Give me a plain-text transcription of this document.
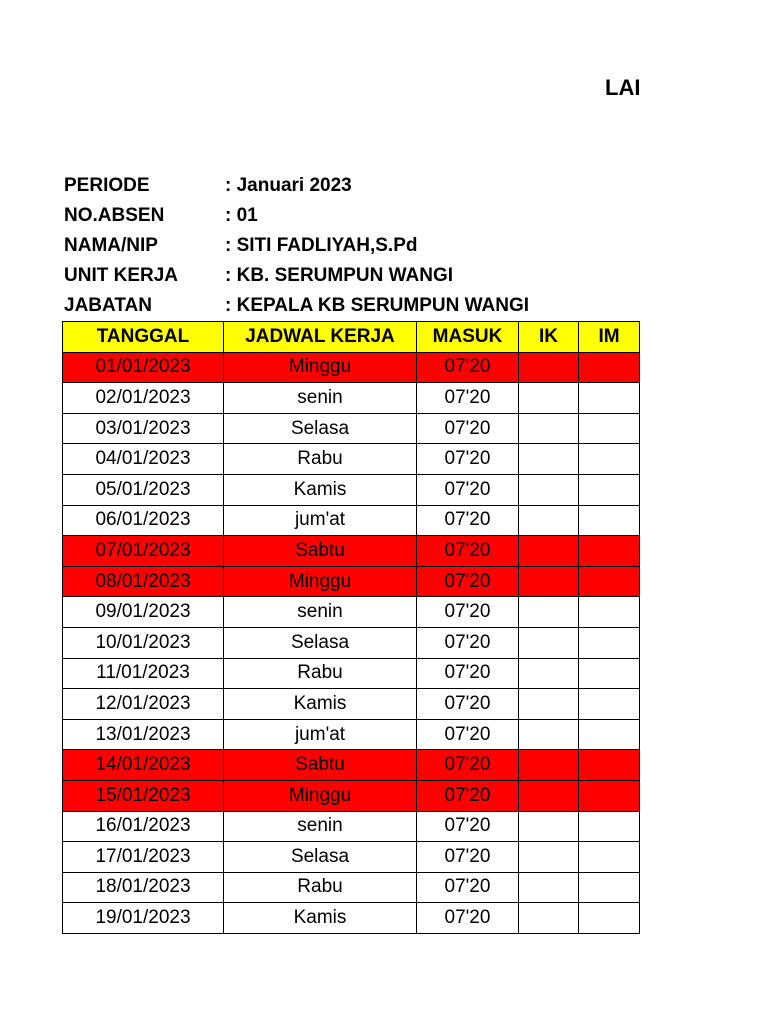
LAI
PERIODE	: Januari 2023
NO.ABSEN	: 01
NAMA/NIP	: SITI FADLIYAH,S.Pd
UNIT KERJA	: KB. SERUMPUN WANGI
JABATAN	: KEPALA KB SERUMPUN WANGI
TANGGAL	JADWAL KERJA	MASUK	IK	IM
01/01/2023	Minggu	07'20		
02/01/2023	senin	07'20		
03/01/2023	Selasa	07'20		
04/01/2023	Rabu	07'20		
05/01/2023	Kamis	07'20		
06/01/2023	jum'at	07'20		
07/01/2023	Sabtu	07'20		
08/01/2023	Minggu	07'20		
09/01/2023	senin	07'20		
10/01/2023	Selasa	07'20		
11/01/2023	Rabu	07'20		
12/01/2023	Kamis	07'20		
13/01/2023	jum'at	07'20		
14/01/2023	Sabtu	07'20		
15/01/2023	Minggu	07'20		
16/01/2023	senin	07'20		
17/01/2023	Selasa	07'20		
18/01/2023	Rabu	07'20		
19/01/2023	Kamis	07'20		
